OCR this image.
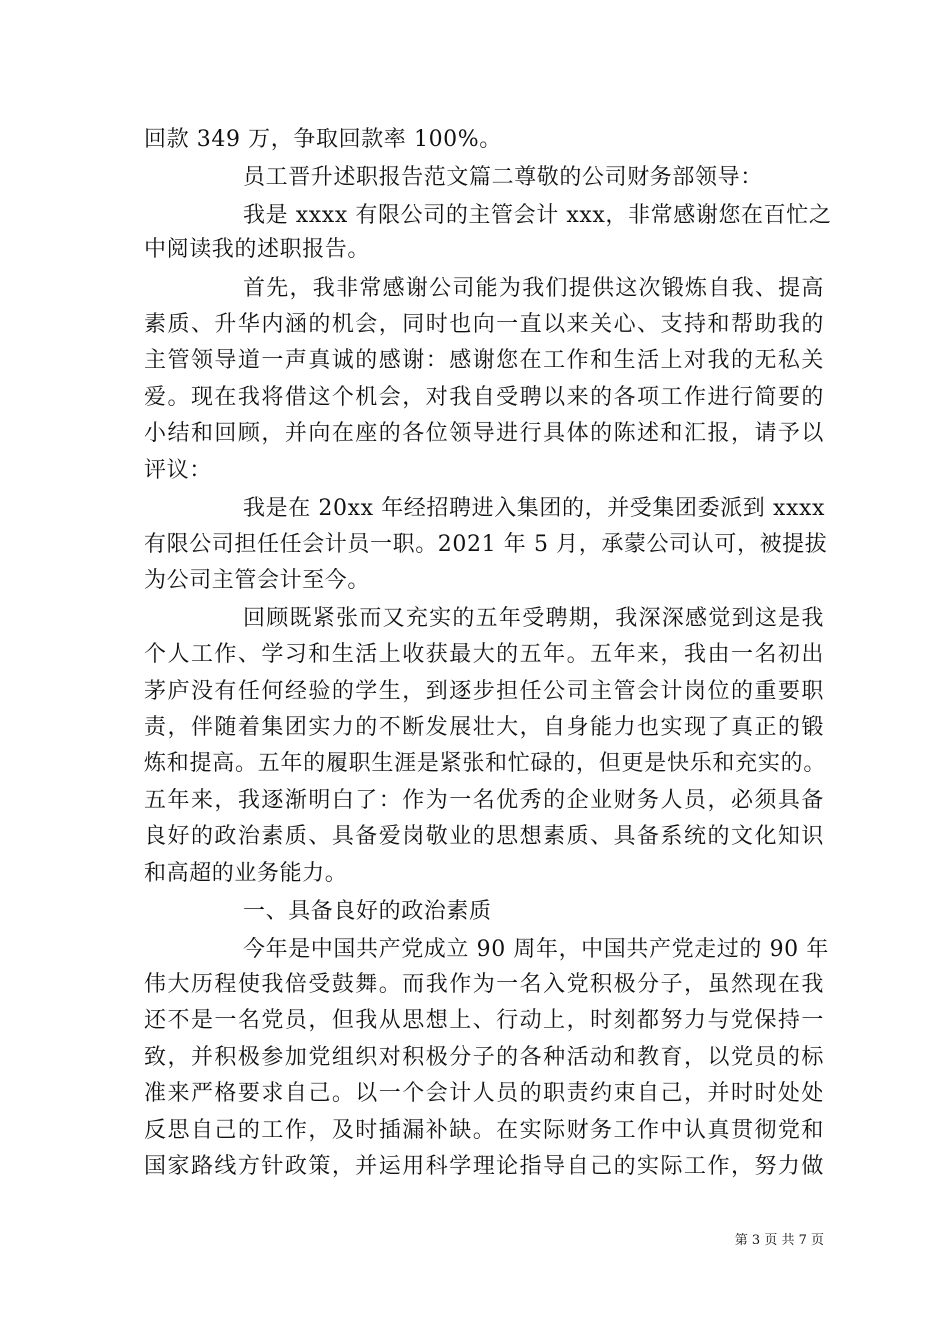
回款 349 万，争取回款率 100%。
员工晋升述职报告范文篇二尊敬的公司财务部领导：
我是 xxxx 有限公司的主管会计 xxx，非常感谢您在百忙之
中阅读我的述职报告。
首先，我非常感谢公司能为我们提供这次锻炼自我、提高
素质、升华内涵的机会，同时也向一直以来关心、支持和帮助我的
主管领导道一声真诚的感谢：感谢您在工作和生活上对我的无私关
爱。现在我将借这个机会，对我自受聘以来的各项工作进行简要的
小结和回顾，并向在座的各位领导进行具体的陈述和汇报，请予以
评议：
我是在 20xx 年经招聘进入集团的，并受集团委派到 xxxx
有限公司担任任会计员一职。2021 年 5 月，承蒙公司认可，被提拔
为公司主管会计至今。
回顾既紧张而又充实的五年受聘期，我深深感觉到这是我
个人工作、学习和生活上收获最大的五年。五年来，我由一名初出
茅庐没有任何经验的学生，到逐步担任公司主管会计岗位的重要职
责，伴随着集团实力的不断发展壮大，自身能力也实现了真正的锻
炼和提高。五年的履职生涯是紧张和忙碌的，但更是快乐和充实的。
五年来，我逐渐明白了：作为一名优秀的企业财务人员，必须具备
良好的政治素质、具备爱岗敬业的思想素质、具备系统的文化知识
和高超的业务能力。
一、具备良好的政治素质
今年是中国共产党成立 90 周年，中国共产党走过的 90 年
伟大历程使我倍受鼓舞。而我作为一名入党积极分子，虽然现在我
还不是一名党员，但我从思想上、行动上，时刻都努力与党保持一
致，并积极参加党组织对积极分子的各种活动和教育，以党员的标
准来严格要求自己。以一个会计人员的职责约束自己，并时时处处
反思自己的工作，及时插漏补缺。在实际财务工作中认真贯彻党和
国家路线方针政策，并运用科学理论指导自己的实际工作，努力做
第 3 页 共 7 页
